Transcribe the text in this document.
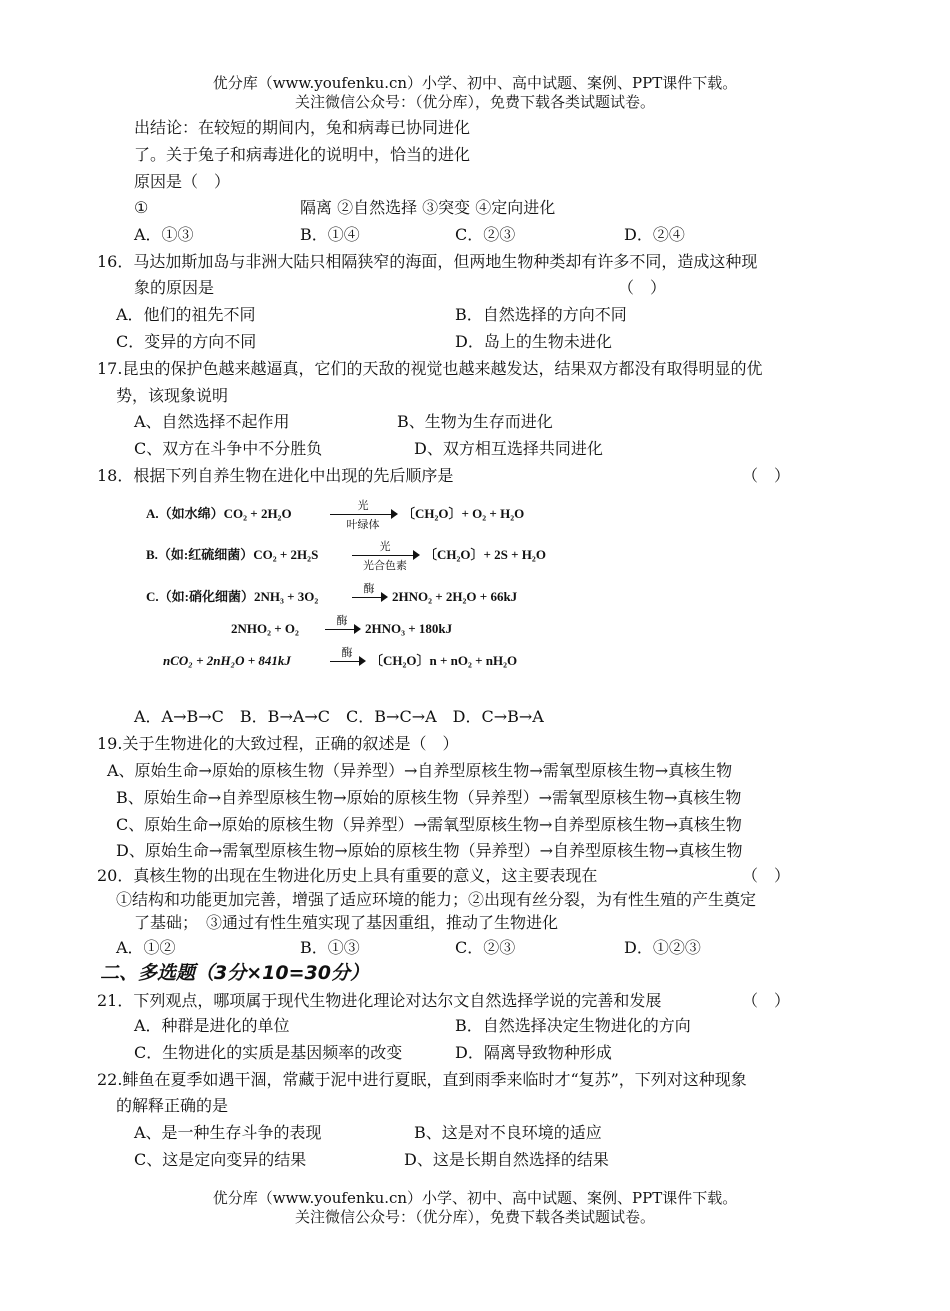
优分库（www.youfenku.cn）小学、初中、高中试题、案例、PPT课件下载。
关注微信公众号：（优分库），免费下载各类试题试卷。
出结论：在较短的期间内，兔和病毒已协同进化
了。关于兔子和病毒进化的说明中，恰当的进化
原因是（　）
①	隔离 ②自然选择 ③突变 ④定向进化
A．①③	B．①④	C．②③	D．②④
16．马达加斯加岛与非洲大陆只相隔狭窄的海面，但两地生物种类却有许多不同，造成这种现
象的原因是	（　）
A．他们的祖先不同	B．自然选择的方向不同
C．变异的方向不同	D．岛上的生物未进化
17.昆虫的保护色越来越逼真，它们的天敌的视觉也越来越发达，结果双方都没有取得明显的优
势，该现象说明
A、自然选择不起作用	B、生物为生存而进化
C、双方在斗争中不分胜负	D、双方相互选择共同进化
18．根据下列自养生物在进化中出现的先后顺序是	（　）
A.（如水绵）CO₂ + 2H₂O
光
叶绿体
〔CH₂O〕+ O₂ + H₂O
B.（如:红硫细菌）CO₂ + 2H₂S
光
光合色素
〔CH₂O〕+ 2S + H₂O
C.（如:硝化细菌）2NH₃ + 3O₂
酶
2HNO₂ + 2H₂O + 66kJ
2NHO₂ + O₂
酶
2HNO₃ + 180kJ
nCO₂ + 2nH₂O + 841kJ
酶
〔CH₂O〕n + nO₂ + nH₂O
A．A→B→C　B．B→A→C　C．B→C→A　D．C→B→A
19.关于生物进化的大致过程，正确的叙述是（　）
A、原始生命→原始的原核生物（异养型）→自养型原核生物→需氧型原核生物→真核生物
B、原始生命→自养型原核生物→原始的原核生物（异养型）→需氧型原核生物→真核生物
C、原始生命→原始的原核生物（异养型）→需氧型原核生物→自养型原核生物→真核生物
D、原始生命→需氧型原核生物→原始的原核生物（异养型）→自养型原核生物→真核生物
20．真核生物的出现在生物进化历史上具有重要的意义，这主要表现在	（　）
①结构和功能更加完善，增强了适应环境的能力；②出现有丝分裂，为有性生殖的产生奠定
了基础；　③通过有性生殖实现了基因重组，推动了生物进化
A．①②	B．①③	C．②③	D．①②③
二、多选题（3分×10=30分）
21．下列观点，哪项属于现代生物进化理论对达尔文自然选择学说的完善和发展	（　）
A．种群是进化的单位	B．自然选择决定生物进化的方向
C．生物进化的实质是基因频率的改变	D．隔离导致物种形成
22.鲱鱼在夏季如遇干涸，常藏于泥中进行夏眠，直到雨季来临时才“复苏”，下列对这种现象
的解释正确的是
A、是一种生存斗争的表现	B、这是对不良环境的适应
C、这是定向变异的结果	D、这是长期自然选择的结果
优分库（www.youfenku.cn）小学、初中、高中试题、案例、PPT课件下载。
关注微信公众号：（优分库），免费下载各类试题试卷。
